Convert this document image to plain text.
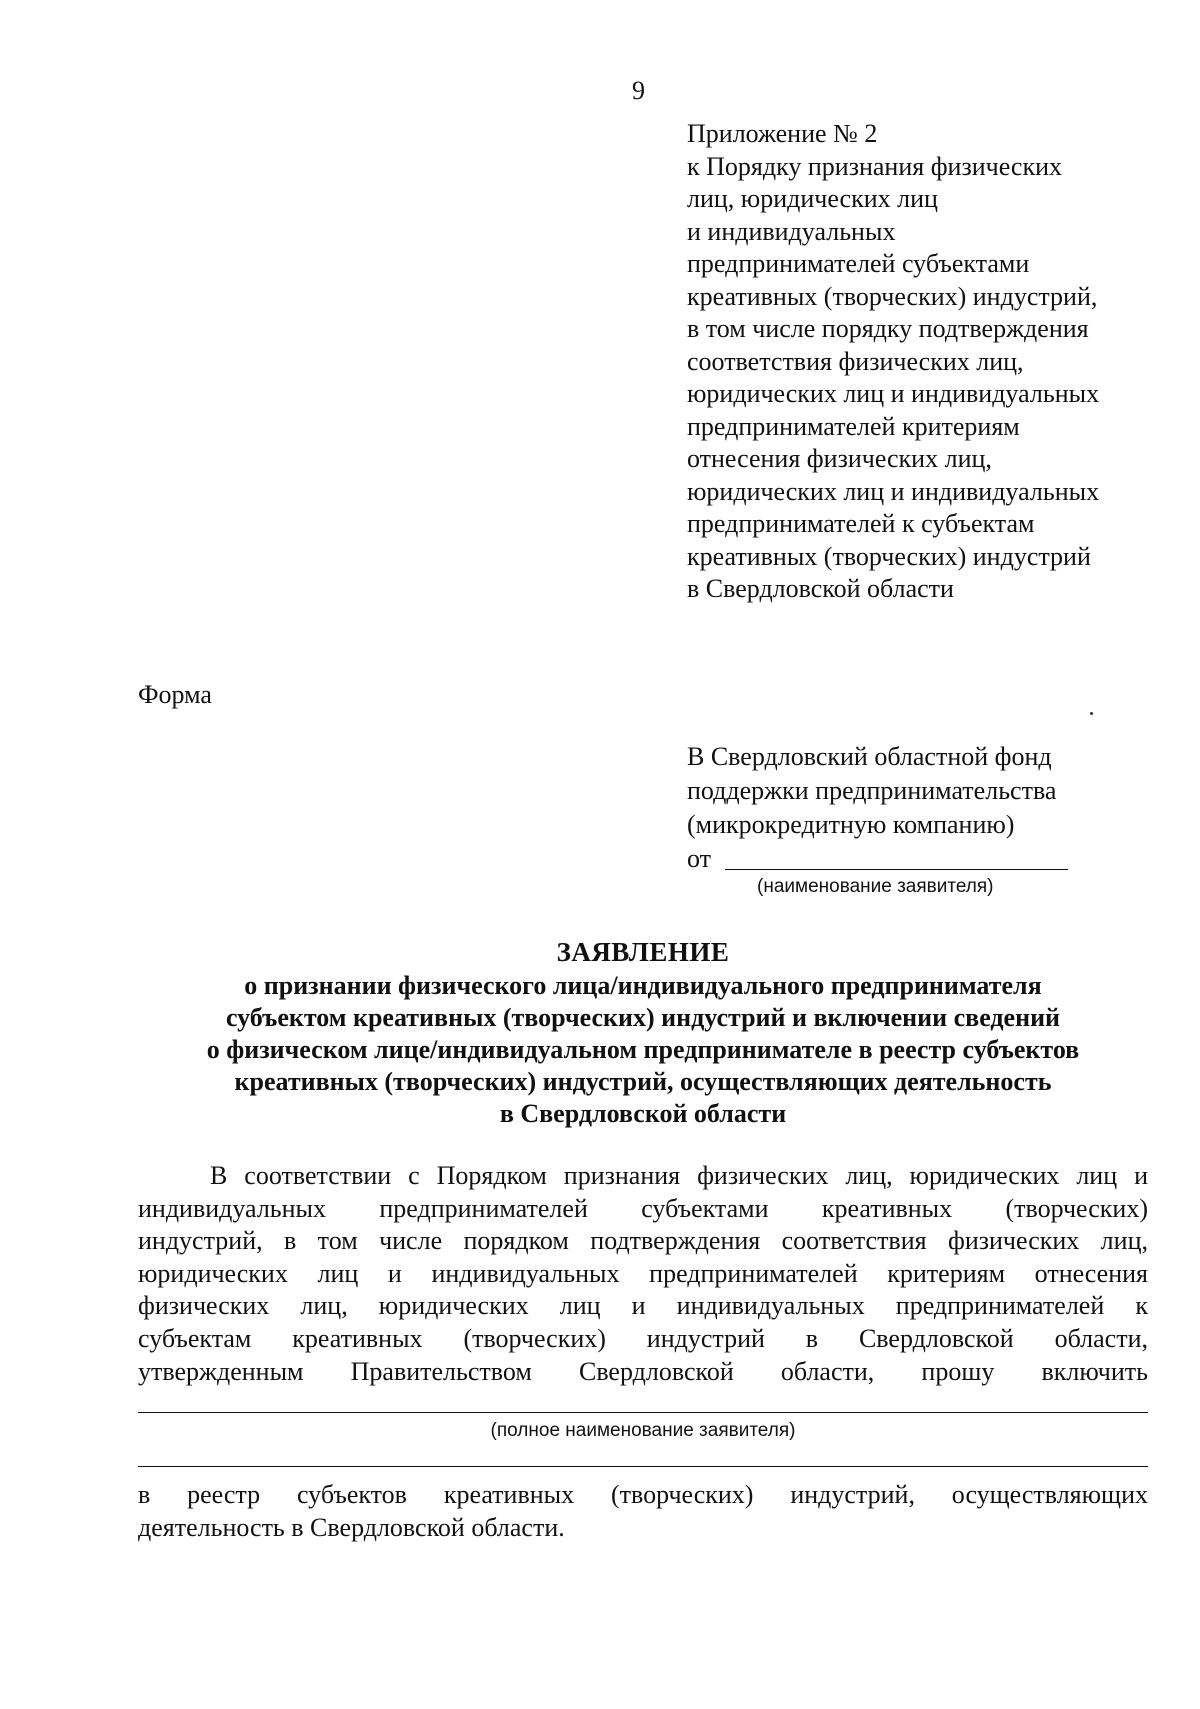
9
Приложение № 2
к Порядку признания физических
лиц, юридических лиц
и индивидуальных
предпринимателей субъектами
креативных (творческих) индустрий,
в том числе порядку подтверждения
соответствия физических лиц,
юридических лиц и индивидуальных
предпринимателей критериям
отнесения физических лиц,
юридических лиц и индивидуальных
предпринимателей к субъектам
креативных (творческих) индустрий
в Свердловской области
Форма
В Свердловский областной фонд
поддержки предпринимательства
(микрокредитную компанию)
от
(наименование заявителя)
ЗАЯВЛЕНИЕ
о признании физического лица/индивидуального предпринимателя
субъектом креативных (творческих) индустрий и включении сведений
о физическом лице/индивидуальном предпринимателе в реестр субъектов
креативных (творческих) индустрий, осуществляющих деятельность
в Свердловской области
В соответствии с Порядком признания физических лиц, юридических лиц и
индивидуальных предпринимателей субъектами креативных (творческих)
индустрий, в том числе порядком подтверждения соответствия физических лиц,
юридических лиц и индивидуальных предпринимателей критериям отнесения
физических лиц, юридических лиц и индивидуальных предпринимателей к
субъектам креативных (творческих) индустрий в Свердловской области,
утвержденным Правительством Свердловской области, прошу включить
(полное наименование заявителя)
в реестр субъектов креативных (творческих) индустрий, осуществляющих
деятельность в Свердловской области.
